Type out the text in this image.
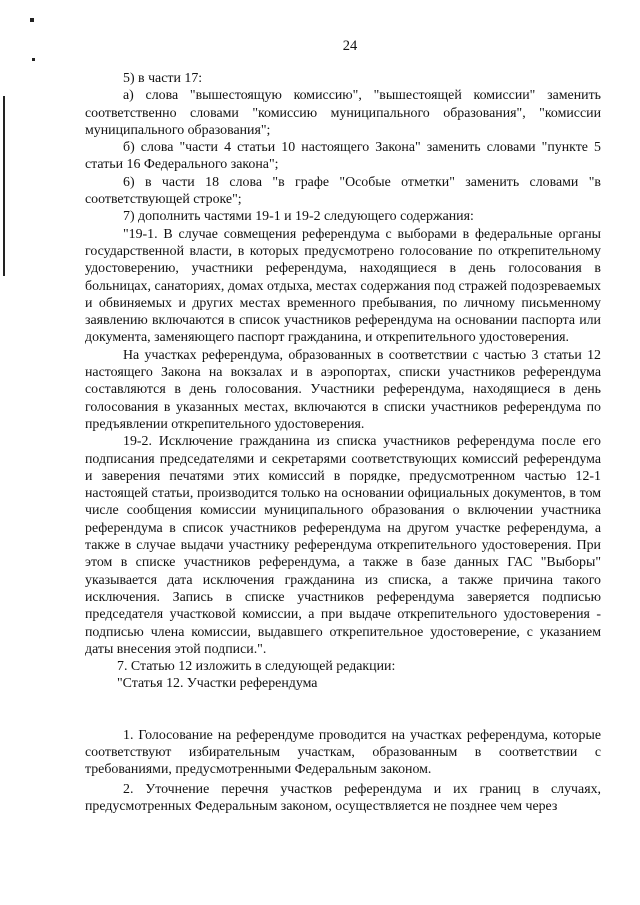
24

5) в части 17:

а) слова "вышестоящую комиссию", "вышестоящей комиссии" заменить соответственно словами "комиссию муниципального образования", "комиссии муниципального образования";

б) слова "части 4 статьи 10 настоящего Закона" заменить словами "пункте 5 статьи 16 Федерального закона";

6) в части 18 слова "в графе "Особые отметки" заменить словами "в соответствующей строке";

7) дополнить частями 19-1 и 19-2 следующего содержания:

"19-1. В случае совмещения референдума с выборами в федеральные органы государственной власти, в которых предусмотрено голосование по открепительному удостоверению, участники референдума, находящиеся в день голосования в больницах, санаториях, домах отдыха, местах содержания под стражей подозреваемых и обвиняемых и других местах временного пребывания, по личному письменному заявлению включаются в список участников референдума на основании паспорта или документа, заменяющего паспорт гражданина, и открепительного удостоверения.

На участках референдума, образованных в соответствии с частью 3 статьи 12 настоящего Закона на вокзалах и в аэропортах, списки участников референдума составляются в день голосования. Участники референдума, находящиеся в день голосования в указанных местах, включаются в списки участников референдума по предъявлении открепительного удостоверения.

19-2. Исключение гражданина из списка участников референдума после его подписания председателями и секретарями соответствующих комиссий референдума и заверения печатями этих комиссий в порядке, предусмотренном частью 12-1 настоящей статьи, производится только на основании официальных документов, в том числе сообщения комиссии муниципального образования о включении участника референдума в список участников референдума на другом участке референдума, а также в случае выдачи участнику референдума открепительного удостоверения. При этом в списке участников референдума, а также в базе данных ГАС "Выборы" указывается дата исключения гражданина из списка, а также причина такого исключения. Запись в списке участников референдума заверяется подписью председателя участковой комиссии, а при выдаче открепительного удостоверения - подписью члена комиссии, выдавшего открепительное удостоверение, с указанием даты внесения этой подписи.".

7. Статью 12 изложить в следующей редакции:

"Статья 12. Участки референдума

1. Голосование на референдуме проводится на участках референдума, которые соответствуют избирательным участкам, образованным в соответствии с требованиями, предусмотренными Федеральным законом.

2. Уточнение перечня участков референдума и их границ в случаях, предусмотренных Федеральным законом, осуществляется не позднее чем через
